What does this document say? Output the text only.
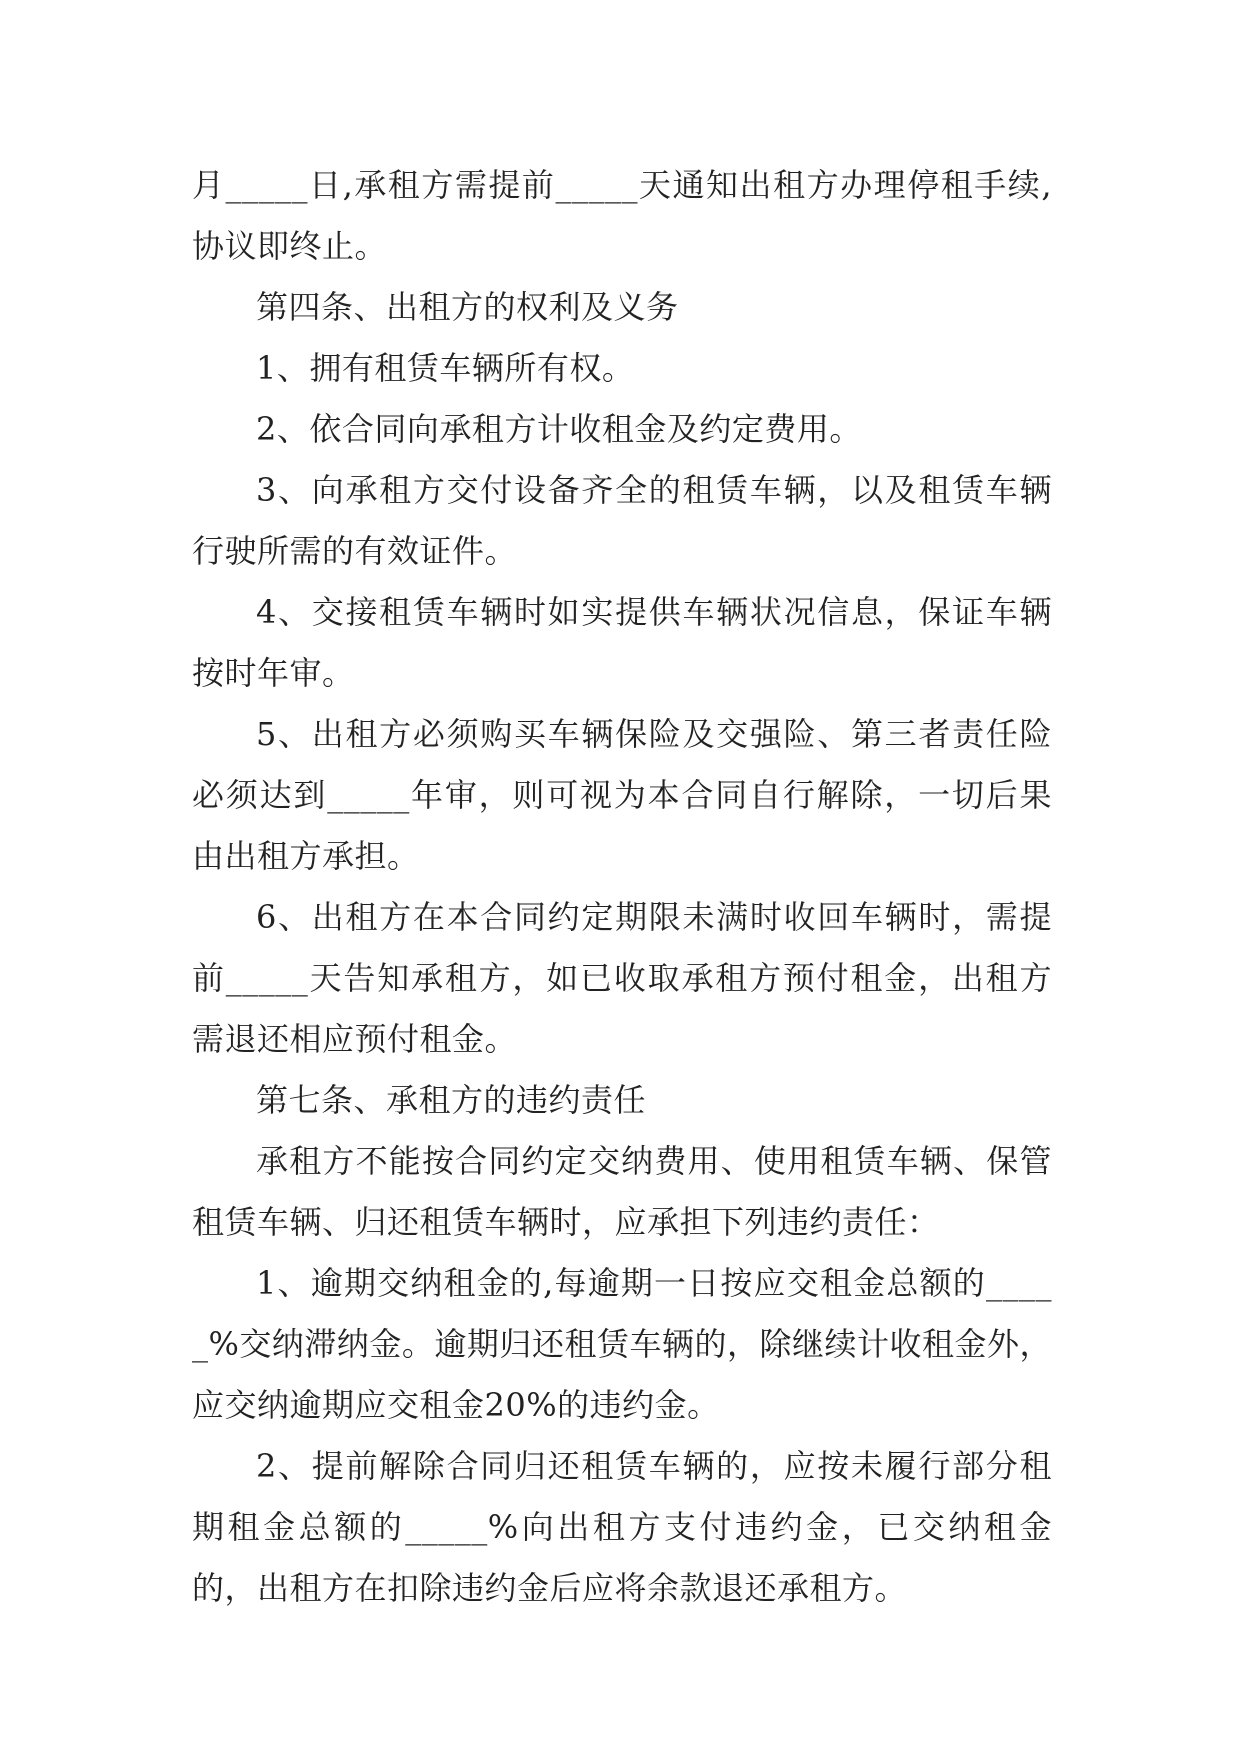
月_____日,承租方需提前_____天通知出租方办理停租手续,协议即终止。

第四条、出租方的权利及义务

1、拥有租赁车辆所有权。

2、依合同向承租方计收租金及约定费用。

3、向承租方交付设备齐全的租赁车辆，以及租赁车辆行驶所需的有效证件。

4、交接租赁车辆时如实提供车辆状况信息，保证车辆按时年审。

5、出租方必须购买车辆保险及交强险、第三者责任险必须达到_____年审，则可视为本合同自行解除，一切后果由出租方承担。

6、出租方在本合同约定期限未满时收回车辆时，需提前_____天告知承租方，如已收取承租方预付租金，出租方需退还相应预付租金。

第七条、承租方的违约责任

承租方不能按合同约定交纳费用、使用租赁车辆、保管租赁车辆、归还租赁车辆时，应承担下列违约责任：

1、逾期交纳租金的,每逾期一日按应交租金总额的_____%交纳滞纳金。逾期归还租赁车辆的，除继续计收租金外，应交纳逾期应交租金20%的违约金。

2、提前解除合同归还租赁车辆的，应按未履行部分租期租金总额的_____%向出租方支付违约金，已交纳租金的，出租方在扣除违约金后应将余款退还承租方。
